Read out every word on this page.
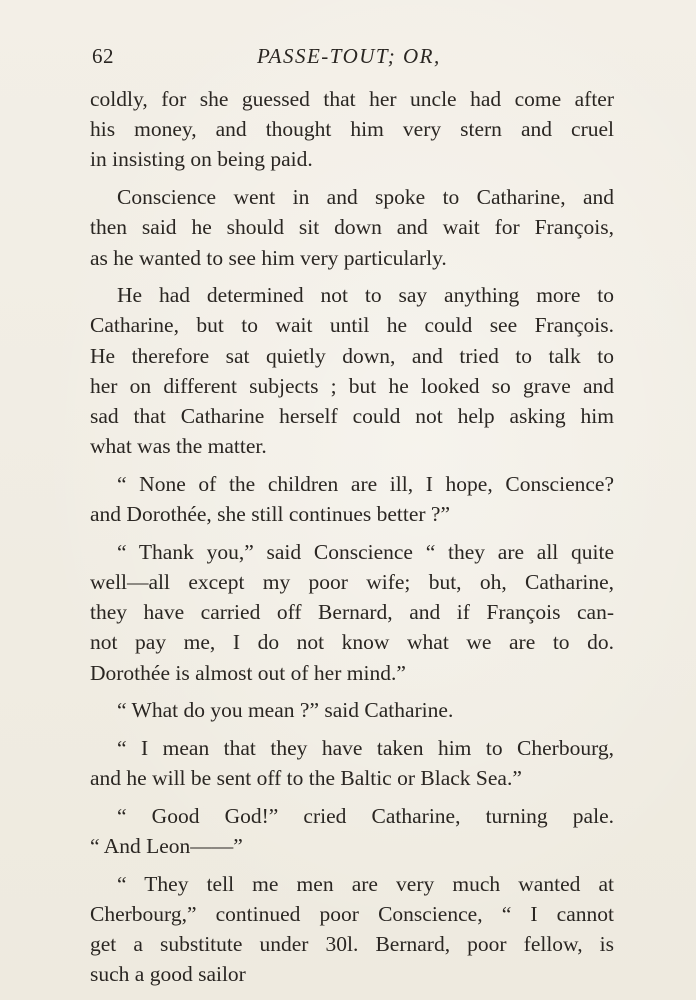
62	PASSE-TOUT; OR,
coldly, for she guessed that her uncle had come after
his money, and thought him very stern and cruel
in insisting on being paid.
Conscience went in and spoke to Catharine, and
then said he should sit down and wait for François,
as he wanted to see him very particularly.
He had determined not to say anything more to
Catharine, but to wait until he could see François.
He therefore sat quietly down, and tried to talk to
her on different subjects ; but he looked so grave and
sad that Catharine herself could not help asking him
what was the matter.
“ None of the children are ill, I hope, Conscience?
and Dorothée, she still continues better ?”
“ Thank you,” said Conscience “ they are all quite
well—all except my poor wife; but, oh, Catharine,
they have carried off Bernard, and if François can-
not pay me, I do not know what we are to do.
Dorothée is almost out of her mind.”
“ What do you mean ?” said Catharine.
“ I mean that they have taken him to Cherbourg,
and he will be sent off to the Baltic or Black Sea.”
“ Good God!” cried Catharine, turning pale.
“ And Leon——”
“ They tell me men are very much wanted at
Cherbourg,” continued poor Conscience, “ I cannot
get a substitute under 30l. Bernard, poor fellow, is
such a good sailor
